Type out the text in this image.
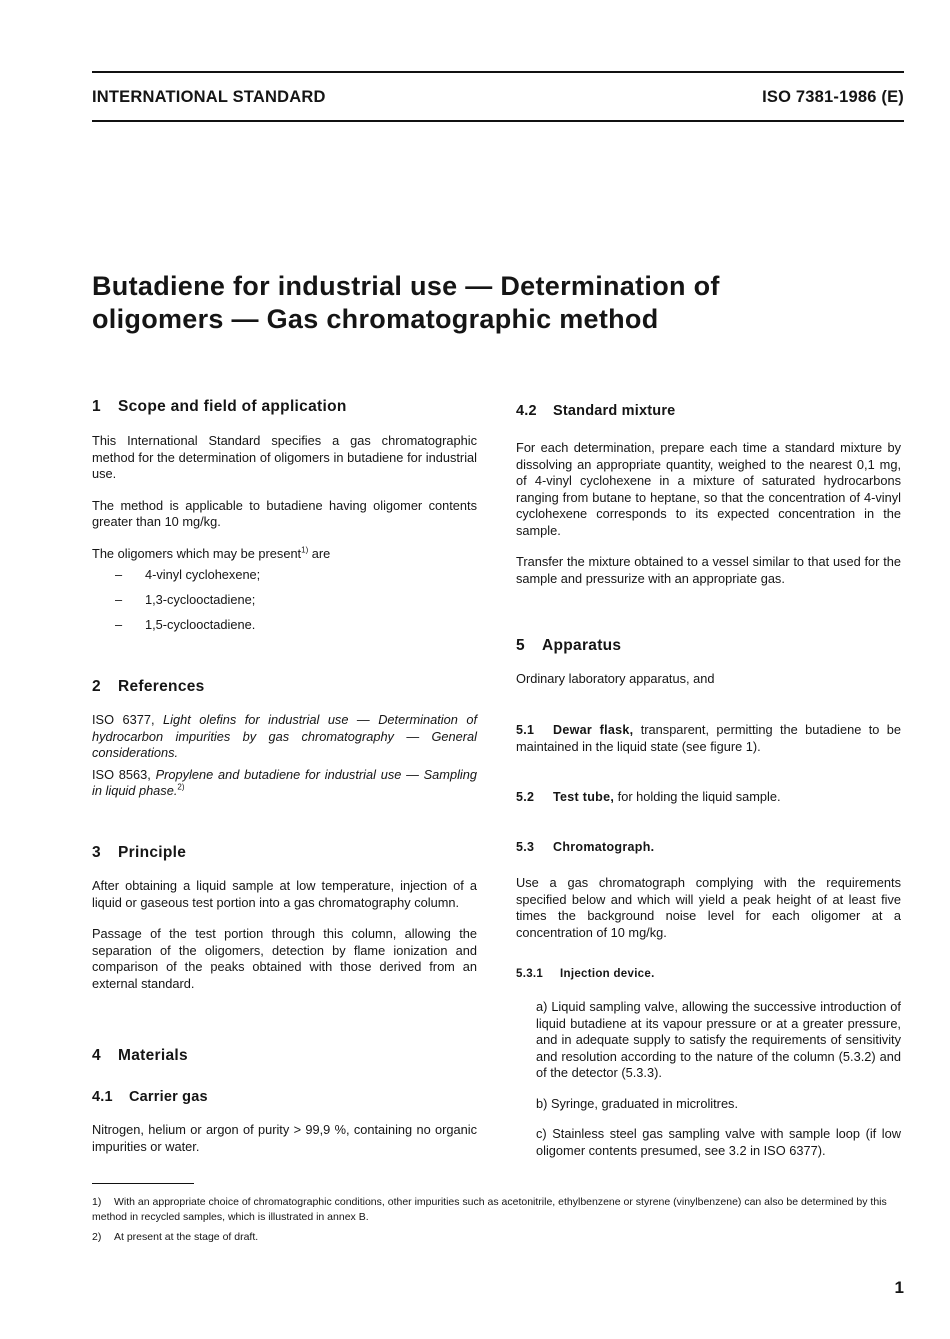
INTERNATIONAL STANDARD	ISO 7381-1986 (E)
Butadiene for industrial use — Determination of
oligomers — Gas chromatographic method
1 Scope and field of application

This International Standard specifies a gas chromatographic method for the determination of oligomers in butadiene for industrial use.

The method is applicable to butadiene having oligomer contents greater than 10 mg/kg.

The oligomers which may be present$^{1)}$ are

– 4-vinyl cyclohexene;
– 1,3-cyclooctadiene;
– 1,5-cyclooctadiene.
2 References

ISO 6377, Light olefins for industrial use — Determination of hydrocarbon impurities by gas chromatography — General considerations.

ISO 8563, Propylene and butadiene for industrial use — Sampling in liquid phase.$^{2)}$

3 Principle

After obtaining a liquid sample at low temperature, injection of a liquid or gaseous test portion into a gas chromatography column.

Passage of the test portion through this column, allowing the separation of the oligomers, detection by flame ionization and comparison of the peaks obtained with those derived from an external standard.

4 Materials
4.1 Carrier gas

Nitrogen, helium or argon of purity > 99,9 %, containing no organic impurities or water.

4.2 Standard mixture

For each determination, prepare each time a standard mixture by dissolving an appropriate quantity, weighed to the nearest 0,1 mg, of 4-vinyl cyclohexene in a mixture of saturated hydrocarbons ranging from butane to heptane, so that the concentration of 4-vinyl cyclohexene corresponds to its expected concentration in the sample.

Transfer the mixture obtained to a vessel similar to that used for the sample and pressurize with an appropriate gas.

5 Apparatus
Ordinary laboratory apparatus, and

5.1 Dewar flask, transparent, permitting the butadiene to be maintained in the liquid state (see figure 1).

5.2 Test tube, for holding the liquid sample.

5.3 Chromatograph.

Use a gas chromatograph complying with the requirements specified below and which will yield a peak height of at least five times the background noise level for each oligomer at a concentration of 10 mg/kg.

5.3.1 Injection device.

a) Liquid sampling valve, allowing the successive introduction of liquid butadiene at its vapour pressure or at a greater pressure, and in adequate supply to satisfy the requirements of sensitivity and resolution according to the nature of the column (5.3.2) and of the detector (5.3.3).

b) Syringe, graduated in microlitres.

c) Stainless steel gas sampling valve with sample loop (if low oligomer contents presumed, see 3.2 in ISO 6377).

1) With an appropriate choice of chromatographic conditions, other impurities such as acetonitrile, ethylbenzene or styrene (vinylbenzene) can also be determined by this method in recycled samples, which is illustrated in annex B.
2) At present at the stage of draft.
1
